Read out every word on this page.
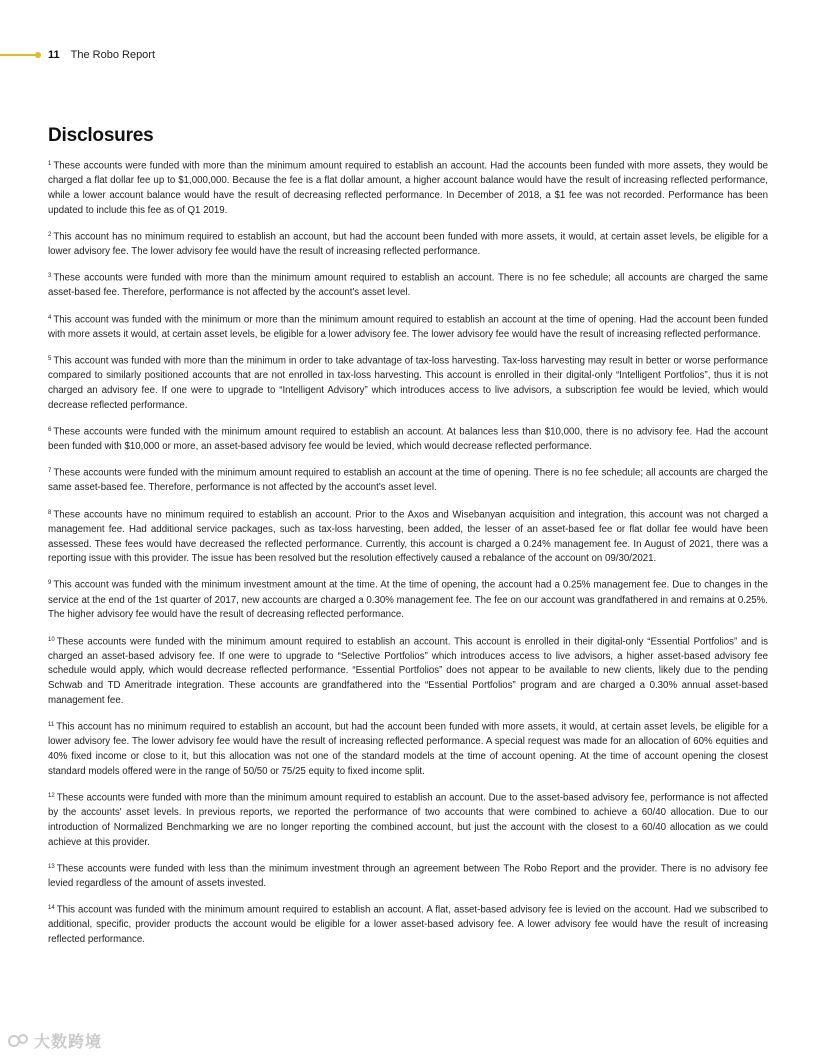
11 The Robo Report
Disclosures

$^1$ These accounts were funded with more than the minimum amount required to establish an account. Had the accounts been funded with more assets, they would be charged a flat dollar fee up to $1,000,000. Because the fee is a flat dollar amount, a higher account balance would have the result of increasing reflected performance, while a lower account balance would have the result of decreasing reflected performance. In December of 2018, a $1 fee was not recorded. Performance has been updated to include this fee as of Q1 2019.

$^2$ This account has no minimum required to establish an account, but had the account been funded with more assets, it would, at certain asset levels, be eligible for a lower advisory fee. The lower advisory fee would have the result of increasing reflected performance.

$^3$ These accounts were funded with more than the minimum amount required to establish an account. There is no fee schedule; all accounts are charged the same asset-based fee. Therefore, performance is not affected by the account's asset level.

$^4$ This account was funded with the minimum or more than the minimum amount required to establish an account at the time of opening. Had the account been funded with more assets it would, at certain asset levels, be eligible for a lower advisory fee. The lower advisory fee would have the result of increasing reflected performance.

$^5$ This account was funded with more than the minimum in order to take advantage of tax-loss harvesting. Tax-loss harvesting may result in better or worse performance compared to similarly positioned accounts that are not enrolled in tax-loss harvesting. This account is enrolled in their digital-only “Intelligent Portfolios”, thus it is not charged an advisory fee. If one were to upgrade to “Intelligent Advisory” which introduces access to live advisors, a subscription fee would be levied, which would decrease reflected performance.

$^6$ These accounts were funded with the minimum amount required to establish an account. At balances less than $10,000, there is no advisory fee. Had the account been funded with $10,000 or more, an asset-based advisory fee would be levied, which would decrease reflected performance.

$^7$ These accounts were funded with the minimum amount required to establish an account at the time of opening. There is no fee schedule; all accounts are charged the same asset-based fee. Therefore, performance is not affected by the account's asset level.

$^8$ These accounts have no minimum required to establish an account. Prior to the Axos and Wisebanyan acquisition and integration, this account was not charged a management fee. Had additional service packages, such as tax-loss harvesting, been added, the lesser of an asset-based fee or flat dollar fee would have been assessed. These fees would have decreased the reflected performance. Currently, this account is charged a 0.24% management fee. In August of 2021, there was a reporting issue with this provider. The issue has been resolved but the resolution effectively caused a rebalance of the account on 09/30/2021.

$^9$ This account was funded with the minimum investment amount at the time. At the time of opening, the account had a 0.25% management fee. Due to changes in the service at the end of the 1st quarter of 2017, new accounts are charged a 0.30% management fee. The fee on our account was grandfathered in and remains at 0.25%. The higher advisory fee would have the result of decreasing reflected performance.

$^{10}$ These accounts were funded with the minimum amount required to establish an account. This account is enrolled in their digital-only “Essential Portfolios” and is charged an asset-based advisory fee. If one were to upgrade to “Selective Portfolios” which introduces access to live advisors, a higher asset-based advisory fee schedule would apply, which would decrease reflected performance. “Essential Portfolios” does not appear to be available to new clients, likely due to the pending Schwab and TD Ameritrade integration. These accounts are grandfathered into the “Essential Portfolios” program and are charged a 0.30% annual asset-based management fee.

$^{11}$ This account has no minimum required to establish an account, but had the account been funded with more assets, it would, at certain asset levels, be eligible for a lower advisory fee. The lower advisory fee would have the result of increasing reflected performance. A special request was made for an allocation of 60% equities and 40% fixed income or close to it, but this allocation was not one of the standard models at the time of account opening. At the time of account opening the closest standard models offered were in the range of 50/50 or 75/25 equity to fixed income split.

$^{12}$ These accounts were funded with more than the minimum amount required to establish an account. Due to the asset-based advisory fee, performance is not affected by the accounts' asset levels. In previous reports, we reported the performance of two accounts that were combined to achieve a 60/40 allocation. Due to our introduction of Normalized Benchmarking we are no longer reporting the combined account, but just the account with the closest to a 60/40 allocation as we could achieve at this provider.

$^{13}$ These accounts were funded with less than the minimum investment through an agreement between The Robo Report and the provider. There is no advisory fee levied regardless of the amount of assets invested.

$^{14}$ This account was funded with the minimum amount required to establish an account. A flat, asset-based advisory fee is levied on the account. Had we subscribed to additional, specific, provider products the account would be eligible for a lower asset-based advisory fee. A lower advisory fee would have the result of increasing reflected performance.

大数跨境
